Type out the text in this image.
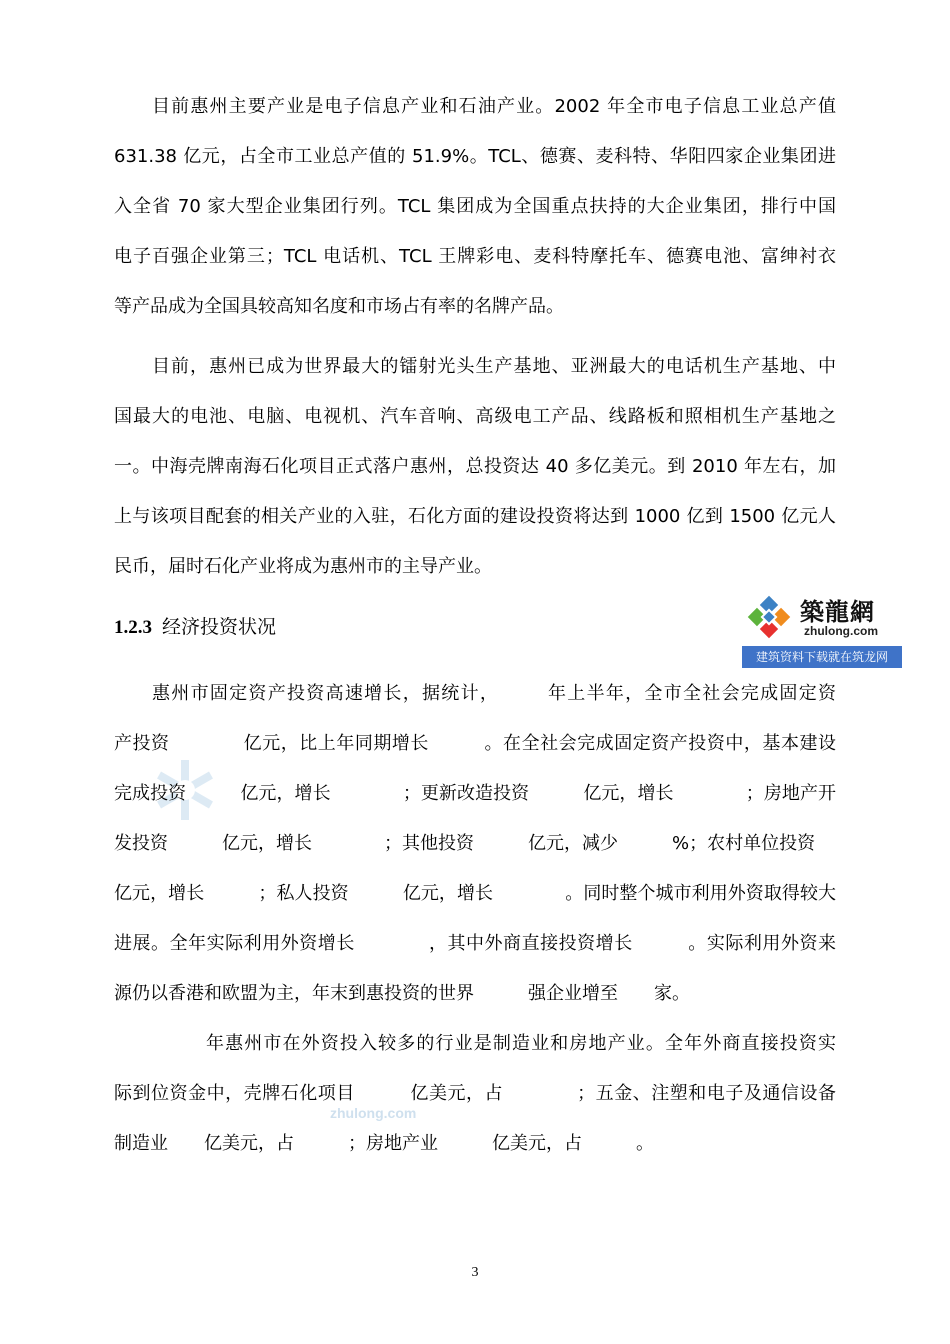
目前惠州主要产业是电子信息产业和石油产业。2002 年全市电子信息工业总产值
631.38 亿元，占全市工业总产值的 51.9%。TCL、德赛、麦科特、华阳四家企业集团进
入全省 70 家大型企业集团行列。TCL 集团成为全国重点扶持的大企业集团，排行中国
电子百强企业第三；TCL 电话机、TCL 王牌彩电、麦科特摩托车、德赛电池、富绅衬衣
等产品成为全国具较高知名度和市场占有率的名牌产品。
目前，惠州已成为世界最大的镭射光头生产基地、亚洲最大的电话机生产基地、中
国最大的电池、电脑、电视机、汽车音响、高级电工产品、线路板和照相机生产基地之
一。中海壳牌南海石化项目正式落户惠州，总投资达 40 多亿美元。到 2010 年左右，加
上与该项目配套的相关产业的入驻，石化方面的建设投资将达到 1000 亿到 1500 亿元人
民币，届时石化产业将成为惠州市的主导产业。
1.2.3 经济投资状况
築龍網
zhulong.com
建筑资料下载就在筑龙网
惠州市固定资产投资高速增长，据统计，　　　年上半年，全市全社会完成固定资
产投资　　　　亿元，比上年同期增长　　　。在全社会完成固定资产投资中，基本建设
完成投资　　　亿元，增长　　　　；更新改造投资　　　亿元，增长　　　　；房地产开
发投资　　　亿元，增长　　　　；其他投资　　　亿元，减少　　　%；农村单位投资
亿元，增长　　　；私人投资　　　亿元，增长　　　　。同时整个城市利用外资取得较大
进展。全年实际利用外资增长　　　　，其中外商直接投资增长　　　。实际利用外资来
源仍以香港和欧盟为主，年末到惠投资的世界　　　强企业增至　　家。
年惠州市在外资投入较多的行业是制造业和房地产业。全年外商直接投资实
际到位资金中，壳牌石化项目　　　亿美元，占　　　　；五金、注塑和电子及通信设备
制造业　　亿美元，占　　　；房地产业　　　亿美元，占　　　。
zhulong.com
3
